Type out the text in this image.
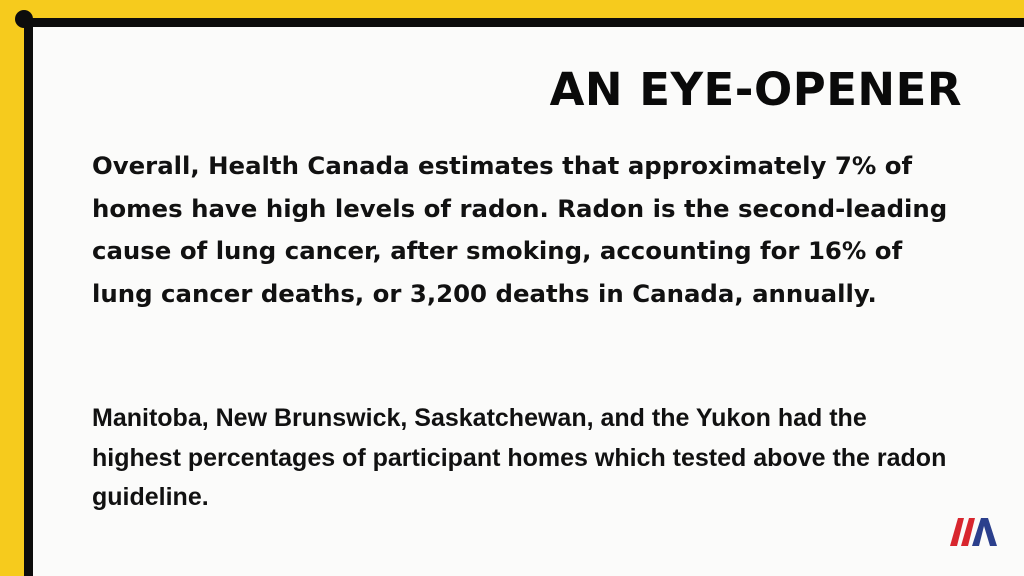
AN EYE-OPENER

Overall, Health Canada estimates that approximately 7% of homes have high levels of radon. Radon is the second-leading cause of lung cancer, after smoking, accounting for 16% of lung cancer deaths, or 3,200 deaths in Canada, annually.

Manitoba, New Brunswick, Saskatchewan, and the Yukon had the highest percentages of participant homes which tested above the radon guideline.
